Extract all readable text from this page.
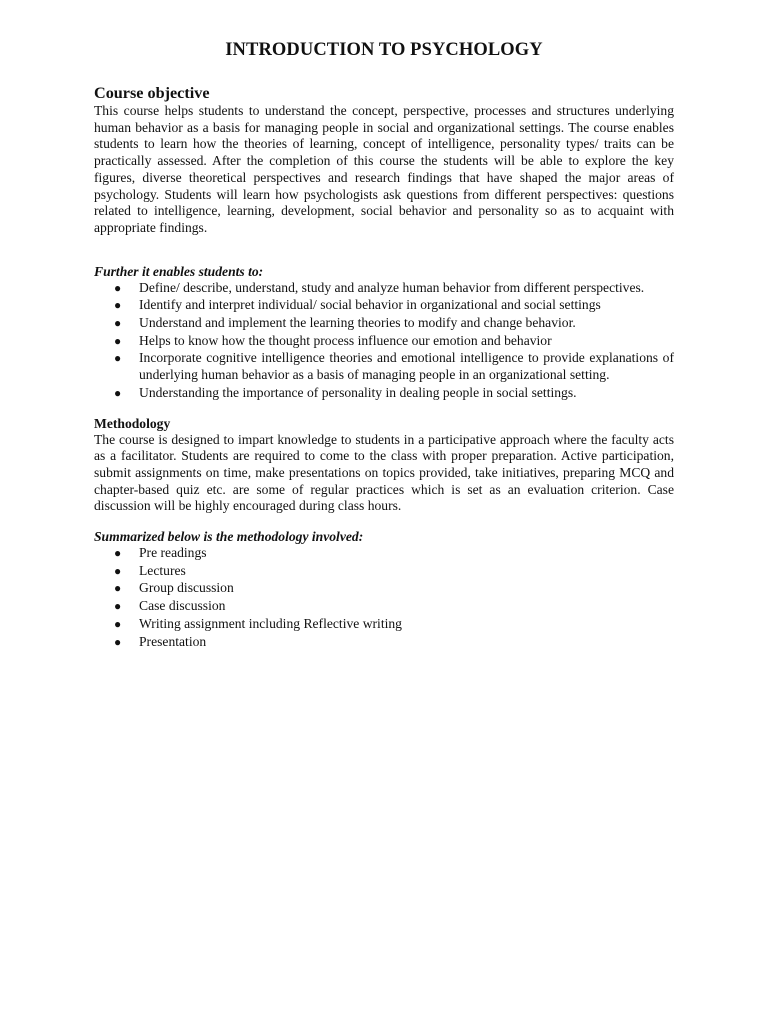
INTRODUCTION TO PSYCHOLOGY
Course objective

This course helps students to understand the concept, perspective, processes and structures underlying human behavior as a basis for managing people in social and organizational settings. The course enables students to learn how the theories of learning, concept of intelligence, personality types/ traits can be practically assessed. After the completion of this course the students will be able to explore the key figures, diverse theoretical perspectives and research findings that have shaped the major areas of psychology. Students will learn how psychologists ask questions from different perspectives: questions related to intelligence, learning, development, social behavior and personality so as to acquaint with appropriate findings.

Further it enables students to:

● Define/ describe, understand, study and analyze human behavior from different perspectives.
● Identify and interpret individual/ social behavior in organizational and social settings
● Understand and implement the learning theories to modify and change behavior.
● Helps to know how the thought process influence our emotion and behavior
● Incorporate cognitive intelligence theories and emotional intelligence to provide explanations of underlying human behavior as a basis of managing people in an organizational setting.
● Understanding the importance of personality in dealing people in social settings.
Methodology

The course is designed to impart knowledge to students in a participative approach where the faculty acts as a facilitator. Students are required to come to the class with proper preparation. Active participation, submit assignments on time, make presentations on topics provided, take initiatives, preparing MCQ and chapter-based quiz etc. are some of regular practices which is set as an evaluation criterion. Case discussion will be highly encouraged during class hours.

Summarized below is the methodology involved:

● Pre readings
● Lectures
● Group discussion
● Case discussion
● Writing assignment including Reflective writing
● Presentation
